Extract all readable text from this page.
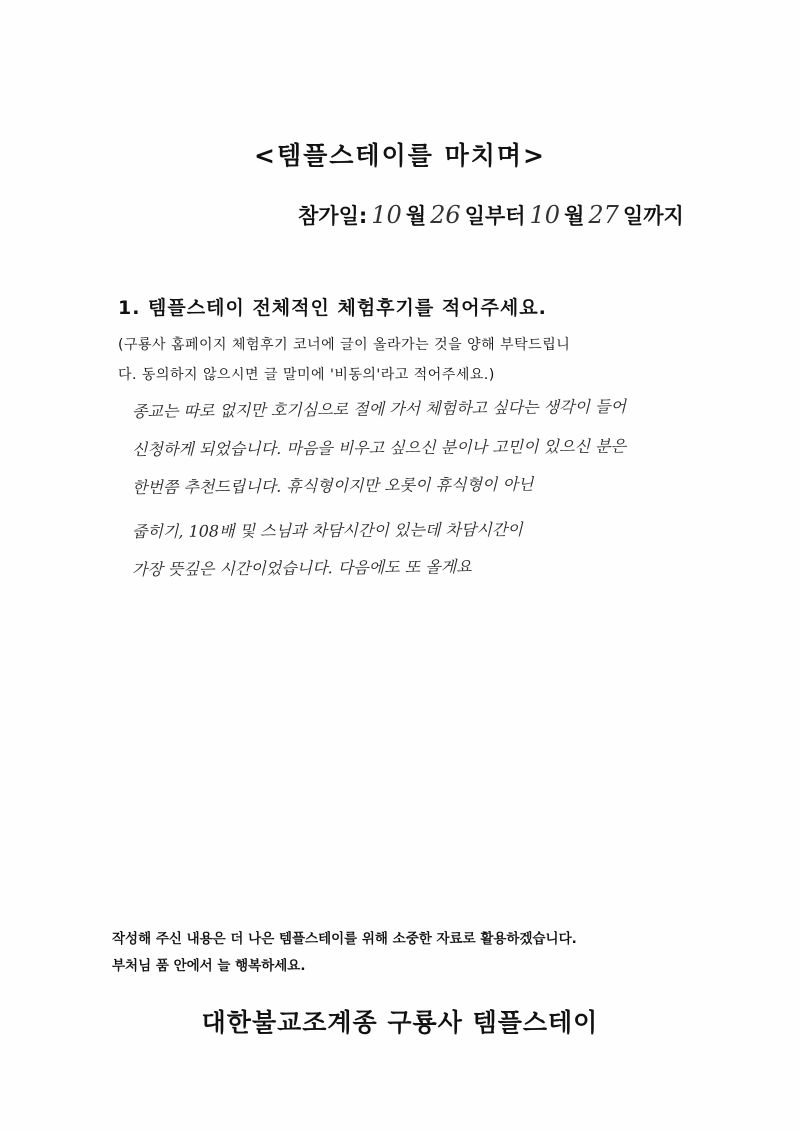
<템플스테이를 마치며>
참가일: 10 월 26 일부터 10 월 27 일까지
1. 템플스테이 전체적인 체험후기를 적어주세요.
(구룡사 홈페이지 체험후기 코너에 글이 올라가는 것을 양해 부탁드립니
다. 동의하지 않으시면 글 말미에 '비동의'라고 적어주세요.)
종교는 따로 없지만 호기심으로 절에 가서 체험하고 싶다는 생각이 들어
신청하게 되었습니다. 마음을 비우고 싶으신 분이나 고민이 있으신 분은
한번쯤 추천드립니다. 휴식형이지만 오롯이 휴식형이 아닌
줍히기, 108배 및 스님과 차담시간이 있는데 차담시간이
가장 뜻깊은 시간이었습니다. 다음에도 또 올게요
작성해 주신 내용은 더 나은 템플스테이를 위해 소중한 자료로 활용하겠습니다.
부처님 품 안에서 늘 행복하세요.
대한불교조계종 구룡사 템플스테이
